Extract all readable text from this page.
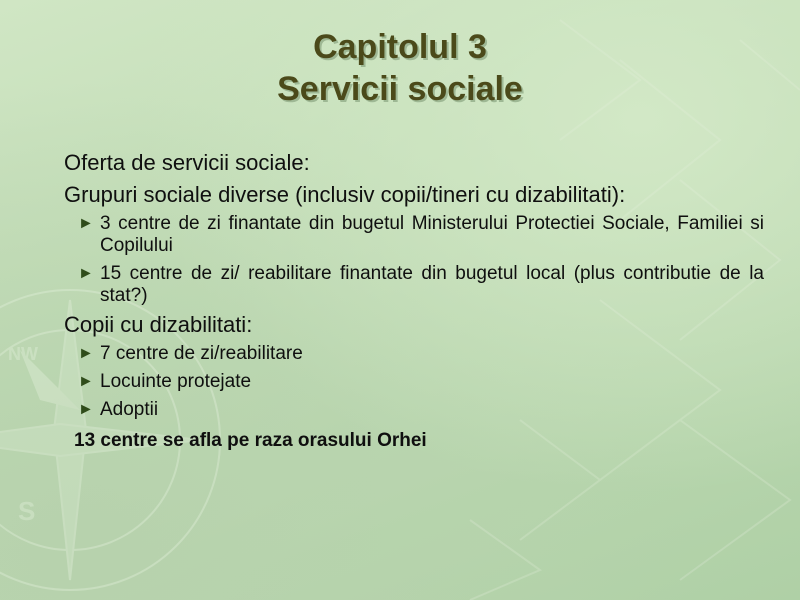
S
NW
Capitolul 3
Servicii sociale
Oferta de servicii sociale:
Grupuri sociale diverse (inclusiv copii/tineri cu dizabilitati):
► 3 centre de zi finantate din bugetul Ministerului Protectiei Sociale, Familiei si Copilului
► 15 centre de zi/ reabilitare finantate din bugetul local (plus contributie de la stat?)
Copii cu dizabilitati:
► 7 centre de zi/reabilitare
► Locuinte protejate
► Adoptii
13 centre se afla pe raza orasului Orhei
